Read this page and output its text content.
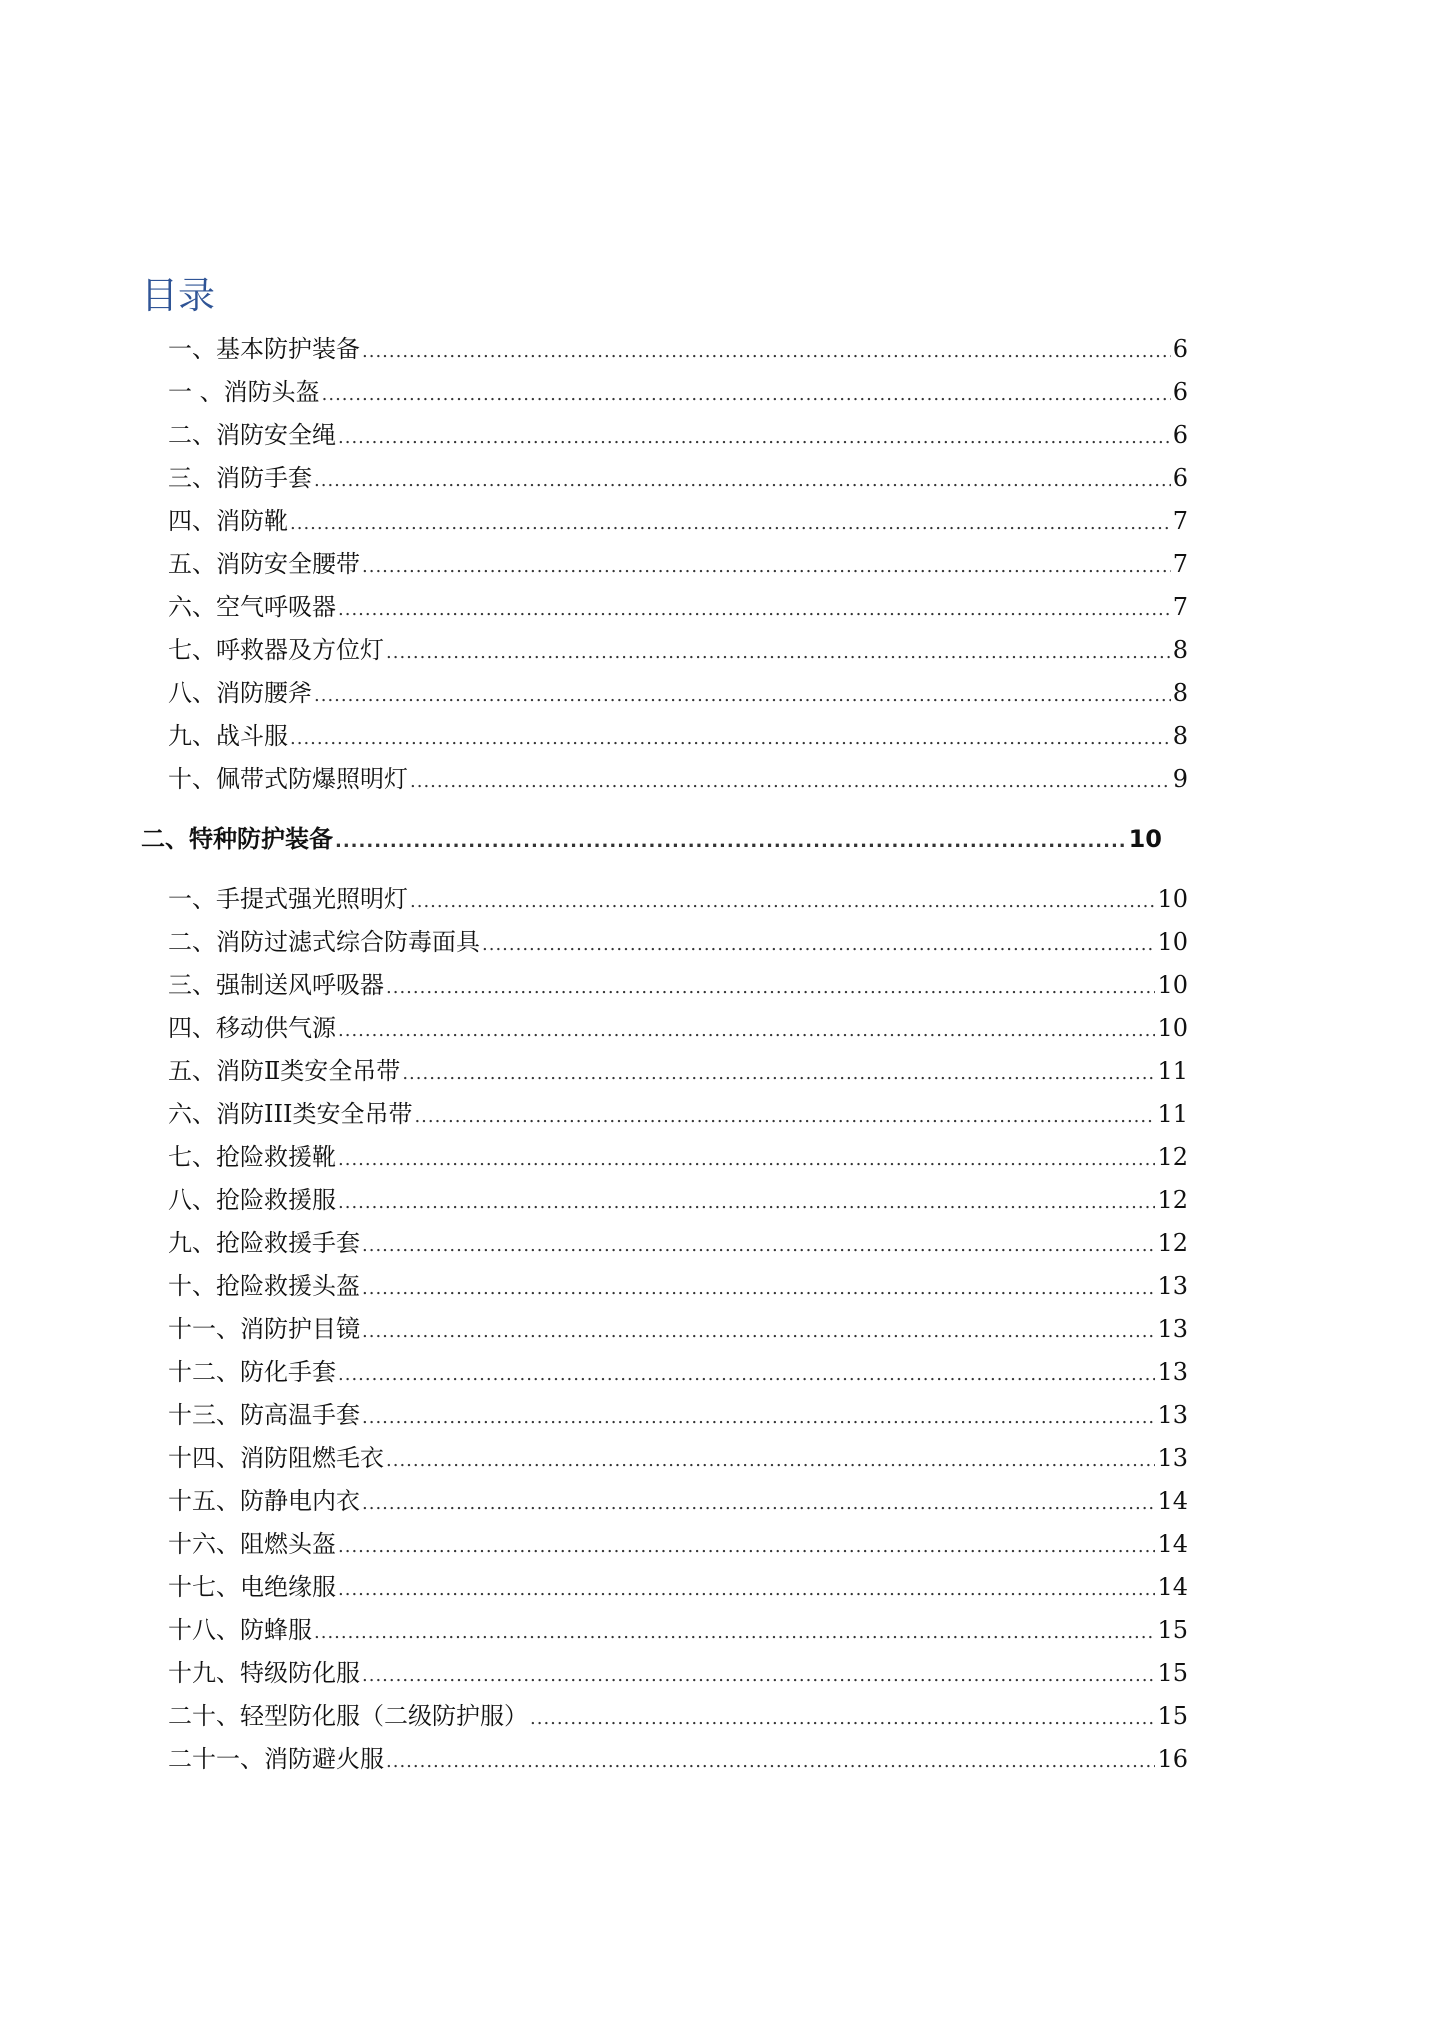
目录
一、基本防护装备 .....	6
一 、消防头盔 .....	6
二、消防安全绳 .....	6
三、消防手套 .....	6
四、消防靴 .....	7
五、消防安全腰带 .....	7
六、空气呼吸器 .....	7
七、呼救器及方位灯 .....	8
八、消防腰斧 .....	8
九、战斗服 .....	8
十、佩带式防爆照明灯 .....	9
二、特种防护装备 .....	10
一、手提式强光照明灯 .....	10
二、消防过滤式综合防毒面具 .....	10
三、强制送风呼吸器 .....	10
四、移动供气源 .....	10
五、消防Ⅱ类安全吊带 .....	11
六、消防III类安全吊带 .....	11
七、抢险救援靴 .....	12
八、抢险救援服 .....	12
九、抢险救援手套 .....	12
十、抢险救援头盔 .....	13
十一、消防护目镜 .....	13
十二、防化手套 .....	13
十三、防高温手套 .....	13
十四、消防阻燃毛衣 .....	13
十五、防静电内衣 .....	14
十六、阻燃头盔 .....	14
十七、电绝缘服 .....	14
十八、防蜂服 .....	15
十九、特级防化服 .....	15
二十、轻型防化服（二级防护服） .....	15
二十一、消防避火服 .....	16
